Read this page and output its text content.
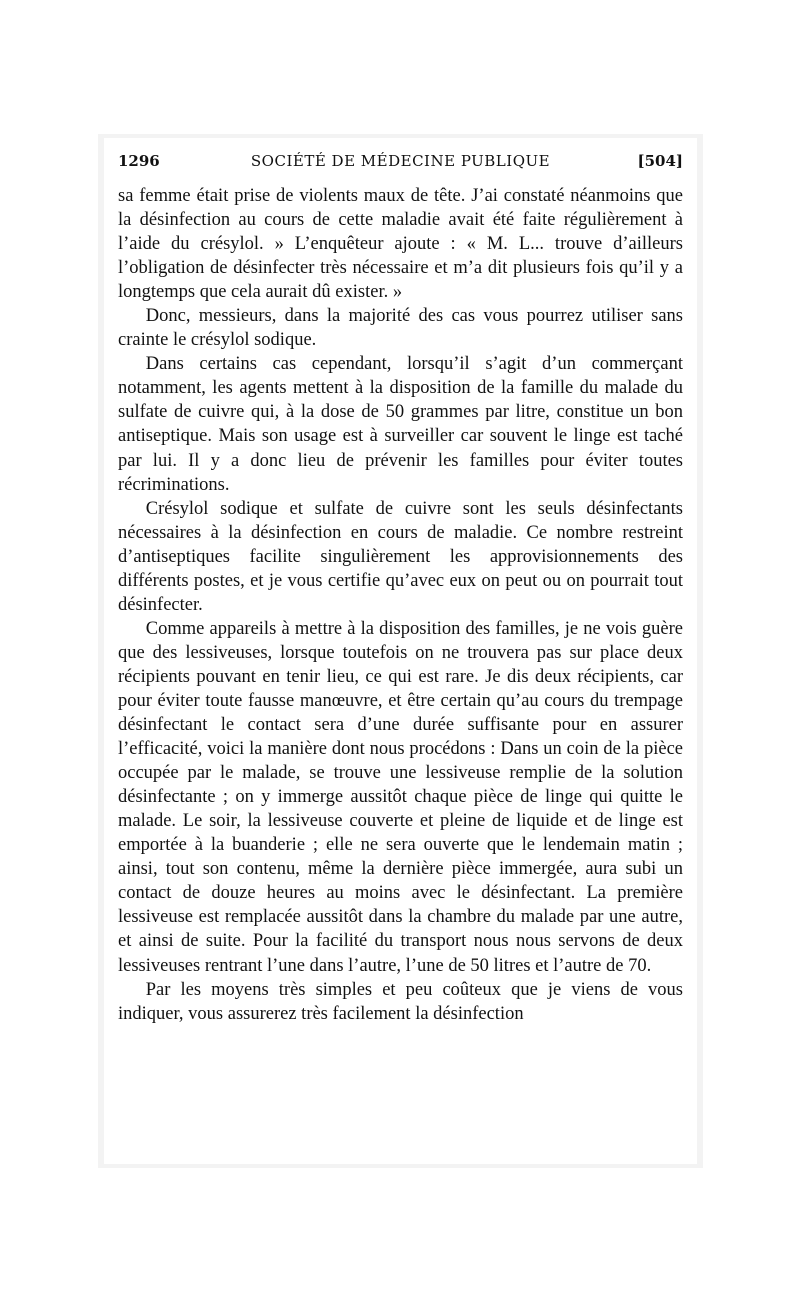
1296	SOCIÉTÉ DE MÉDECINE PUBLIQUE	[504]

sa femme était prise de violents maux de tête. J’ai constaté néanmoins que la désinfection au cours de cette maladie avait été faite régulièrement à l’aide du crésylol. » L’enquêteur ajoute : « M. L... trouve d’ailleurs l’obligation de désinfecter très nécessaire et m’a dit plusieurs fois qu’il y a longtemps que cela aurait dû exister. »

Donc, messieurs, dans la majorité des cas vous pourrez utiliser sans crainte le crésylol sodique.

Dans certains cas cependant, lorsqu’il s’agit d’un commerçant notamment, les agents mettent à la disposition de la famille du malade du sulfate de cuivre qui, à la dose de 50 grammes par litre, constitue un bon antiseptique. Mais son usage est à surveiller car souvent le linge est taché par lui. Il y a donc lieu de prévenir les familles pour éviter toutes récriminations.

Crésylol sodique et sulfate de cuivre sont les seuls désinfectants nécessaires à la désinfection en cours de maladie. Ce nombre restreint d’antiseptiques facilite singulièrement les approvisionnements des différents postes, et je vous certifie qu’avec eux on peut ou on pourrait tout désinfecter.

Comme appareils à mettre à la disposition des familles, je ne vois guère que des lessiveuses, lorsque toutefois on ne trouvera pas sur place deux récipients pouvant en tenir lieu, ce qui est rare. Je dis deux récipients, car pour éviter toute fausse manœuvre, et être certain qu’au cours du trempage désinfectant le contact sera d’une durée suffisante pour en assurer l’efficacité, voici la manière dont nous procédons : Dans un coin de la pièce occupée par le malade, se trouve une lessiveuse remplie de la solution désinfectante ; on y immerge aussitôt chaque pièce de linge qui quitte le malade. Le soir, la lessiveuse couverte et pleine de liquide et de linge est emportée à la buanderie ; elle ne sera ouverte que le lendemain matin ; ainsi, tout son contenu, même la dernière pièce immergée, aura subi un contact de douze heures au moins avec le désinfectant. La première lessiveuse est remplacée aussitôt dans la chambre du malade par une autre, et ainsi de suite. Pour la facilité du transport nous nous servons de deux lessiveuses rentrant l’une dans l’autre, l’une de 50 litres et l’autre de 70.

Par les moyens très simples et peu coûteux que je viens de vous indiquer, vous assurerez très facilement la désinfection
